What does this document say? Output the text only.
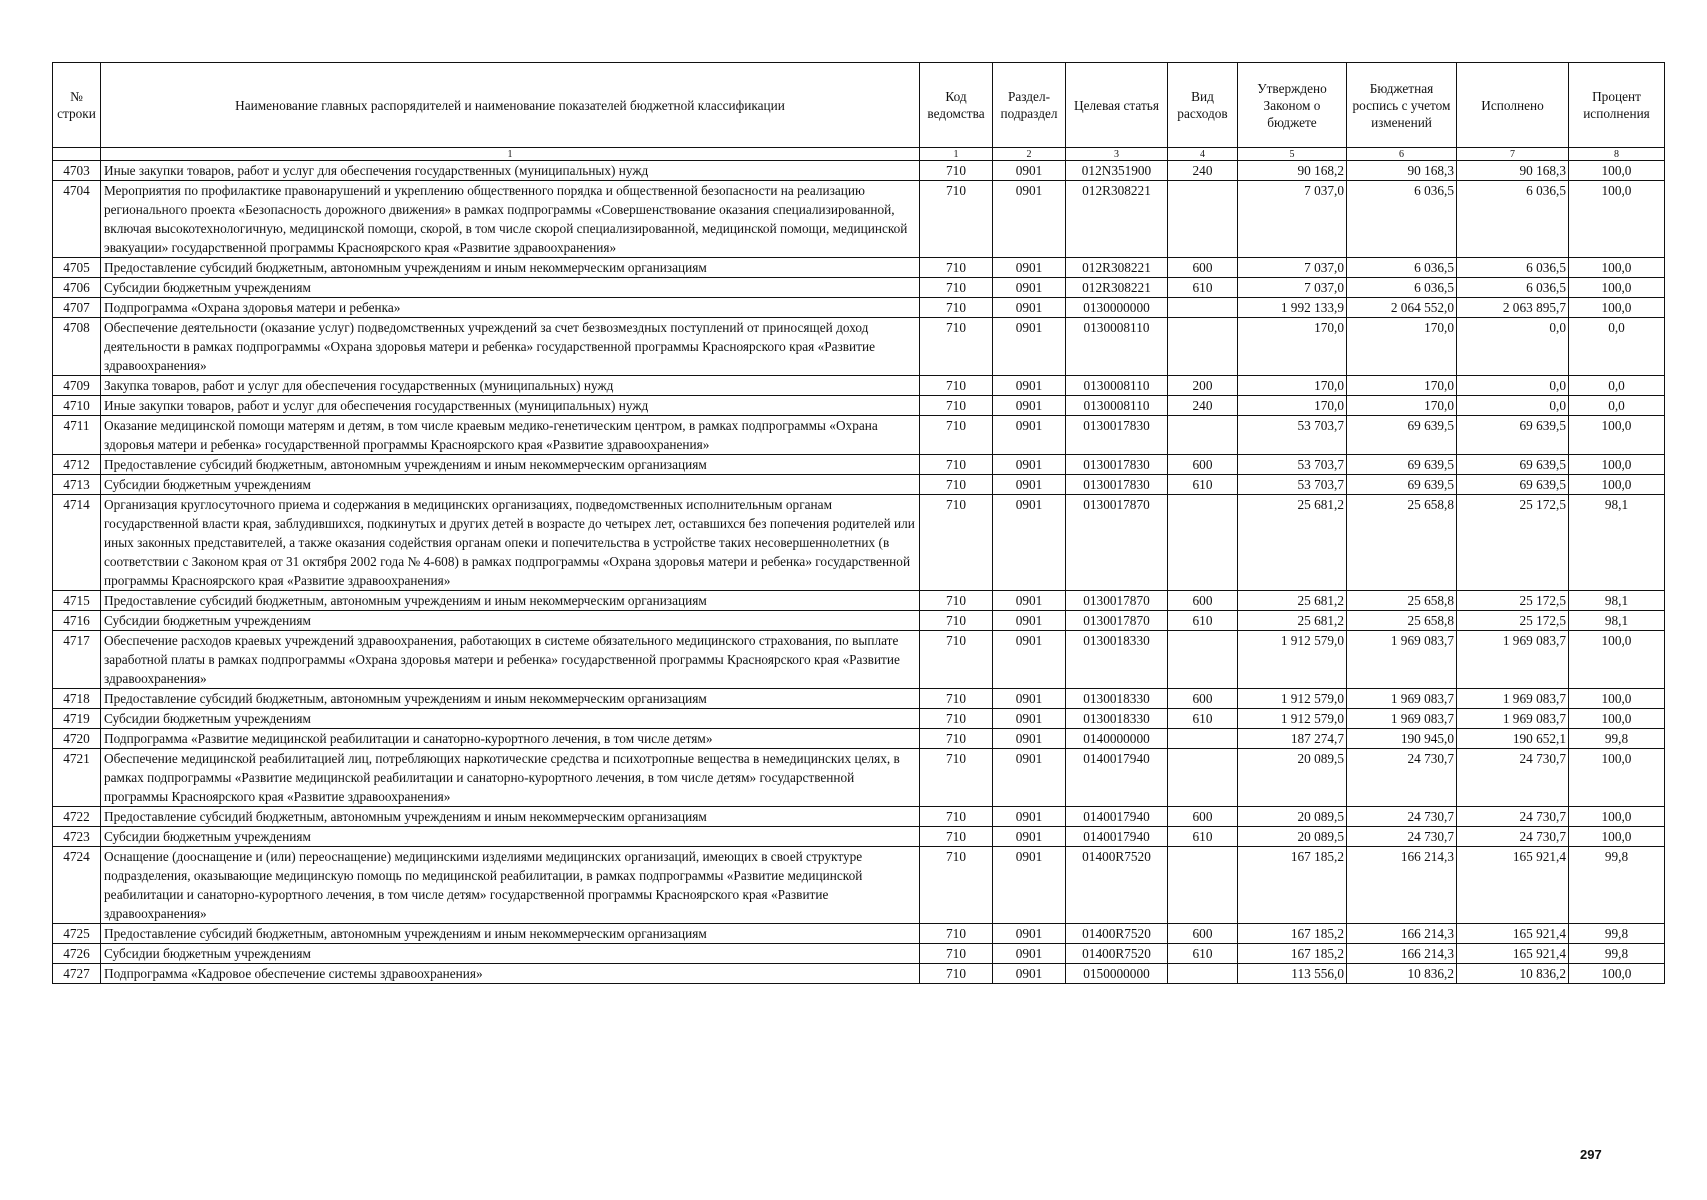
№ строки	Наименование главных распорядителей и наименование показателей бюджетной классификации	Код ведомства	Раздел-подраздел	Целевая статья	Вид расходов	Утверждено Законом о бюджете	Бюджетная роспись с учетом изменений	Исполнено	Процент исполнения
	1	1	2	3	4	5	6	7	8
4703	Иные закупки товаров, работ и услуг для обеспечения государственных (муниципальных) нужд	710	0901	012N351900	240	90 168,2	90 168,3	90 168,3	100,0
4704	Мероприятия по профилактике правонарушений и укреплению общественного порядка и общественной безопасности на реализацию регионального проекта «Безопасность дорожного движения» в рамках подпрограммы «Совершенствование оказания специализированной, включая высокотехнологичную, медицинской помощи, скорой, в том числе скорой специализированной, медицинской помощи, медицинской эвакуации» государственной программы Красноярского края «Развитие здравоохранения»	710	0901	012R308221		7 037,0	6 036,5	6 036,5	100,0
4705	Предоставление субсидий бюджетным, автономным учреждениям и иным некоммерческим организациям	710	0901	012R308221	600	7 037,0	6 036,5	6 036,5	100,0
4706	Субсидии бюджетным учреждениям	710	0901	012R308221	610	7 037,0	6 036,5	6 036,5	100,0
4707	Подпрограмма «Охрана здоровья матери и ребенка»	710	0901	0130000000		1 992 133,9	2 064 552,0	2 063 895,7	100,0
4708	Обеспечение деятельности (оказание услуг) подведомственных учреждений за счет безвозмездных поступлений от приносящей доход деятельности в рамках подпрограммы «Охрана здоровья матери и ребенка» государственной программы Красноярского края «Развитие здравоохранения»	710	0901	0130008110		170,0	170,0	0,0	0,0
4709	Закупка товаров, работ и услуг для обеспечения государственных (муниципальных) нужд	710	0901	0130008110	200	170,0	170,0	0,0	0,0
4710	Иные закупки товаров, работ и услуг для обеспечения государственных (муниципальных) нужд	710	0901	0130008110	240	170,0	170,0	0,0	0,0
4711	Оказание медицинской помощи матерям и детям, в том числе краевым медико-генетическим центром, в рамках подпрограммы «Охрана здоровья матери и ребенка» государственной программы Красноярского края «Развитие здравоохранения»	710	0901	0130017830		53 703,7	69 639,5	69 639,5	100,0
4712	Предоставление субсидий бюджетным, автономным учреждениям и иным некоммерческим организациям	710	0901	0130017830	600	53 703,7	69 639,5	69 639,5	100,0
4713	Субсидии бюджетным учреждениям	710	0901	0130017830	610	53 703,7	69 639,5	69 639,5	100,0
4714	Организация круглосуточного приема и содержания в медицинских организациях, подведомственных исполнительным органам государственной власти края, заблудившихся, подкинутых и других детей в возрасте до четырех лет, оставшихся без попечения родителей или иных законных представителей, а также оказания содействия органам опеки и попечительства в устройстве таких несовершеннолетних (в соответствии с Законом края от 31 октября 2002 года № 4-608) в рамках подпрограммы «Охрана здоровья матери и ребенка» государственной программы Красноярского края «Развитие здравоохранения»	710	0901	0130017870		25 681,2	25 658,8	25 172,5	98,1
4715	Предоставление субсидий бюджетным, автономным учреждениям и иным некоммерческим организациям	710	0901	0130017870	600	25 681,2	25 658,8	25 172,5	98,1
4716	Субсидии бюджетным учреждениям	710	0901	0130017870	610	25 681,2	25 658,8	25 172,5	98,1
4717	Обеспечение расходов краевых учреждений здравоохранения, работающих в системе обязательного медицинского страхования, по выплате заработной платы в рамках подпрограммы «Охрана здоровья матери и ребенка» государственной программы Красноярского края «Развитие здравоохранения»	710	0901	0130018330		1 912 579,0	1 969 083,7	1 969 083,7	100,0
4718	Предоставление субсидий бюджетным, автономным учреждениям и иным некоммерческим организациям	710	0901	0130018330	600	1 912 579,0	1 969 083,7	1 969 083,7	100,0
4719	Субсидии бюджетным учреждениям	710	0901	0130018330	610	1 912 579,0	1 969 083,7	1 969 083,7	100,0
4720	Подпрограмма «Развитие медицинской реабилитации и санаторно-курортного лечения, в том числе детям»	710	0901	0140000000		187 274,7	190 945,0	190 652,1	99,8
4721	Обеспечение медицинской реабилитацией лиц, потребляющих наркотические средства и психотропные вещества в немедицинских целях, в рамках подпрограммы «Развитие медицинской реабилитации и санаторно-курортного лечения, в том числе детям» государственной программы Красноярского края «Развитие здравоохранения»	710	0901	0140017940		20 089,5	24 730,7	24 730,7	100,0
4722	Предоставление субсидий бюджетным, автономным учреждениям и иным некоммерческим организациям	710	0901	0140017940	600	20 089,5	24 730,7	24 730,7	100,0
4723	Субсидии бюджетным учреждениям	710	0901	0140017940	610	20 089,5	24 730,7	24 730,7	100,0
4724	Оснащение (дооснащение и (или) переоснащение) медицинскими изделиями медицинских организаций, имеющих в своей структуре подразделения, оказывающие медицинскую помощь по медицинской реабилитации, в рамках подпрограммы «Развитие медицинской реабилитации и санаторно-курортного лечения, в том числе детям» государственной программы Красноярского края «Развитие здравоохранения»	710	0901	01400R7520		167 185,2	166 214,3	165 921,4	99,8
4725	Предоставление субсидий бюджетным, автономным учреждениям и иным некоммерческим организациям	710	0901	01400R7520	600	167 185,2	166 214,3	165 921,4	99,8
4726	Субсидии бюджетным учреждениям	710	0901	01400R7520	610	167 185,2	166 214,3	165 921,4	99,8
4727	Подпрограмма «Кадровое обеспечение системы здравоохранения»	710	0901	0150000000		113 556,0	10 836,2	10 836,2	100,0
297
